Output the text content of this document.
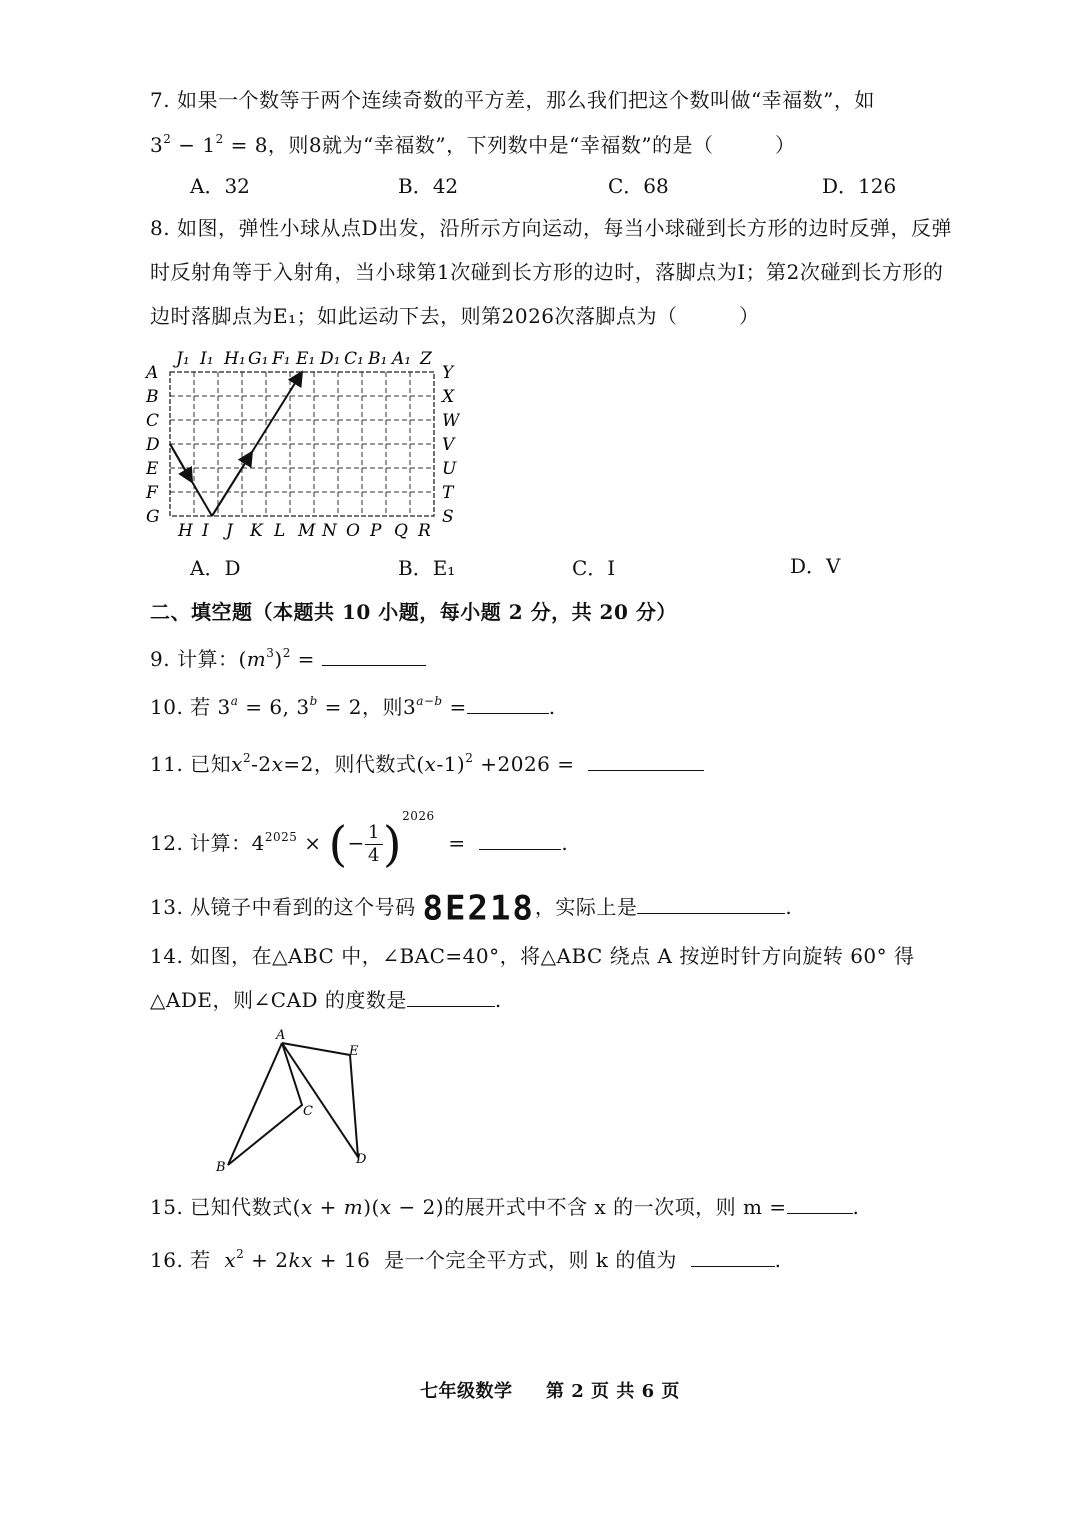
7. 如果一个数等于两个连续奇数的平方差，那么我们把这个数叫做“幸福数”，如
$3^2 - 1^2 = 8$，则8就为“幸福数”，下列数中是“幸福数”的是（　　　）
A．32	B．42	C．68	D．126
8. 如图，弹性小球从点D出发，沿所示方向运动，每当小球碰到长方形的边时反弹，反弹
时反射角等于入射角，当小球第1次碰到长方形的边时，落脚点为I；第2次碰到长方形的
边时落脚点为E₁；如此运动下去，则第2026次落脚点为（　　　）
J₁ I₁ H₁ G₁ F₁ E₁ D₁ C₁ B₁ A₁ Z
A
B
C
D
E
F
G
H I J K L M N O P Q R
Y
X
W
V
U
T
S
A．D	B．E₁	C．I	D．V
二、填空题（本题共 10 小题，每小题 2 分，共 20 分）
9. 计算：$(m^3)^2$ =
10. 若 $3^a = 6$, $3^b = 2$，则$3^{a-b}$ =	.
11. 已知$x^2-2x=2$，则代数式$(x-1)^2 +2026$ =
12. 计算：$4^{2025}$ × (− $\frac{1}{4} )^{2026}$  =	.
13. 从镜子中看到的这个号码 8E218，实际上是	.
14. 如图，在△ABC 中，∠BAC=40°，将△ABC 绕点 A 按逆时针方向旋转 60° 得
△ADE，则∠CAD 的度数是	.
A
E
C
B
D
15. 已知代数式(x + m)(x − 2)的展开式中不含 x 的一次项，则 m =	.
16. 若 $x^2 + 2kx + 16$  是一个完全平方式，则 k 的值为	.
七年级数学 第 2 页 共 6 页
